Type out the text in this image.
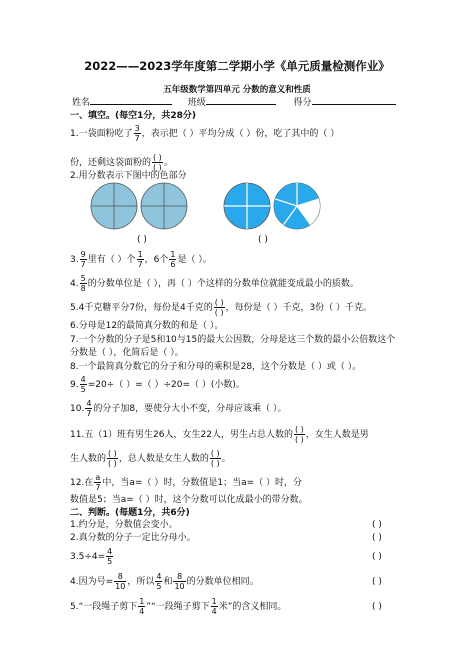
2022——2023学年度第二学期小学《单元质量检测作业》
五年级数学第四单元 分数的意义和性质
姓名	班级	得分
一、填空。(每空1分，共28分)
1.一袋面粉吃了 $\frac{3}{7}$ ，表示把（ ）平均分成（ ）份，吃了其中的（ ）
份，还剩这袋面粉的 $\frac{( )}{( )}$ 。
2.用分数表示下图中的色部分
( )	( )
3. $\frac{9}{7}$ 里有（ ）个 $\frac{1}{7}$ ，6个 $\frac{1}{6}$ 是（ ）。
4. $\frac{5}{8}$ 的分数单位是（ ），再（ ）个这样的分数单位就能变成最小的质数。
5.4千克糖平分7份，每份是4千克的 $\frac{( )}{( )}$ ，每份是（ ）千克，3份（ ）千克。
6.分母是12的最简真分数的和是（ ）。
7.一个分数的分子是5和10与15的最大公因数，分母是这三个数的最小公倍数这个
分数是（ ），化简后是（ ）。
8.一个最简真分数它的分子和分母的乘积是28，这个分数是（ ）或（ ）。
9. $\frac{4}{5} =20\div$（ ）=（ ）÷20=（ ）(小数)。
10. $\frac{4}{7}$ 的分子加8，要使分大小不变，分母应该乘（ ）。
11.五（1）班有男生26人，女生22人，男生占总人数的 $\frac{( )}{( )}$ ，女生人数是男
生人数的 $\frac{( )}{( )}$ ，总人数是女生人数的 $\frac{( )}{( )}$ 。
12.在 $\frac{a}{7}$ 中，当a=（ ）时，分数值是1；当a=（ ）时，分
数值是5；当a=（ ）时，这个分数可以化成最小的带分数。
二、判断。(每题1分，共6分)
1.约分是，分数值会变小。	( )
2.真分数的分子一定比分母小。	( )
$3.5\div 4= \frac{4}{5}$	( )
4.因为号= $\frac{8}{10}$ ，所以 $\frac{4}{5}$ 和 $\frac{8}{10}$ 的分数单位相同。	( )
5.“一段绳子剪下 $\frac{1}{4}$ ”“一段绳子剪下 $\frac{1}{4}$ 米”的含义相同。	( )
